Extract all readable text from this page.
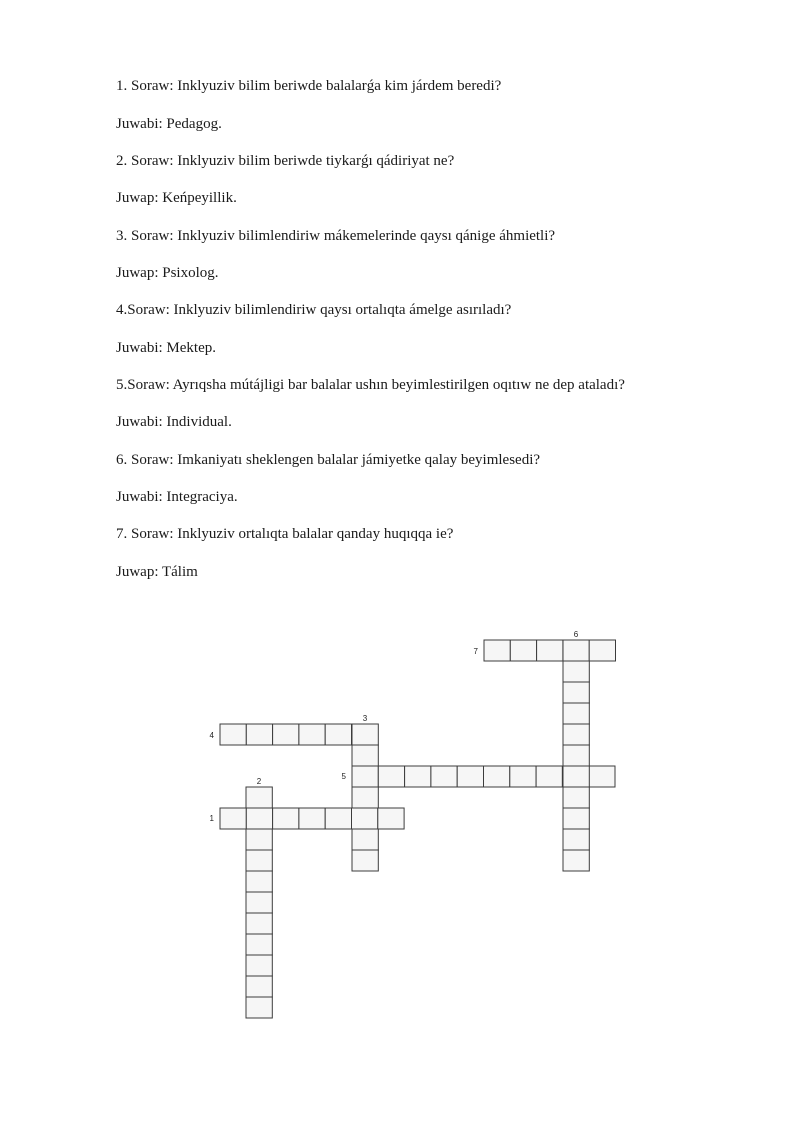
1. Soraw: Inklyuziv bilim beriwde balalarǵa kim járdem beredi?
Juwabi: Pedagog.
2. Soraw: Inklyuziv bilim beriwde tiykarǵı qádiriyat ne?
Juwap: Keńpeyillik.
3. Soraw: Inklyuziv bilimlendiriw mákemelerinde qaysı qánige áhmietli?
Juwap: Psixolog.
4.Soraw: Inklyuziv bilimlendiriw qaysı ortalıqta ámelge asırıladı?
Juwabi: Mektep.
5.Soraw: Ayrıqsha mútájligi bar balalar ushın beyimlestirilgen oqıtıw ne dep ataladı?
Juwabi: Individual.
6. Soraw: Imkaniyatı sheklengen balalar jámiyetke qalay beyimlesedi?
Juwabi: Integraciya.
7. Soraw: Inklyuziv ortalıqta balalar qanday huqıqqa ie?
Juwap: Tálim
1
2
3
4
5
6
7
